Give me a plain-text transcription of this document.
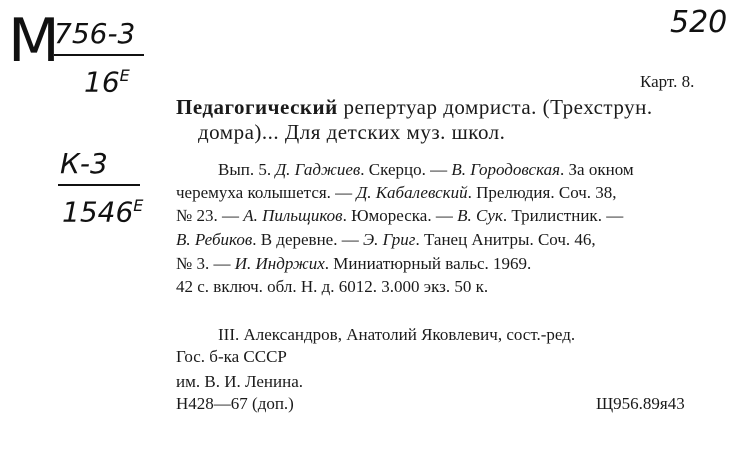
М
756-3
$16^Е$
К-3
$1546^Е$
520
Карт. 8.
Педагогический репертуар домриста. (Трехструн.
домра)... Для детских муз. школ.
Вып. 5. Д. Гаджиев. Скерцо. — В. Городовская. За окном
черемуха колышется. — Д. Кабалевский. Прелюдия. Соч. 38,
№ 23. — А. Пильщиков. Юмореска. — В. Сук. Трилистник. —
В. Ребиков. В деревне. — Э. Григ. Танец Анитры. Соч. 46,
№ 3. — И. Индржих. Миниатюрный вальс. 1969.
42 с. включ. обл. Н. д. 6012. 3.000 экз. 50 к.
III. Александров, Анатолий Яковлевич, сост.-ред.
Гос. б-ка СССР
им. В. И. Ленина.
Н428—67 (доп.)	Щ956.89я43
